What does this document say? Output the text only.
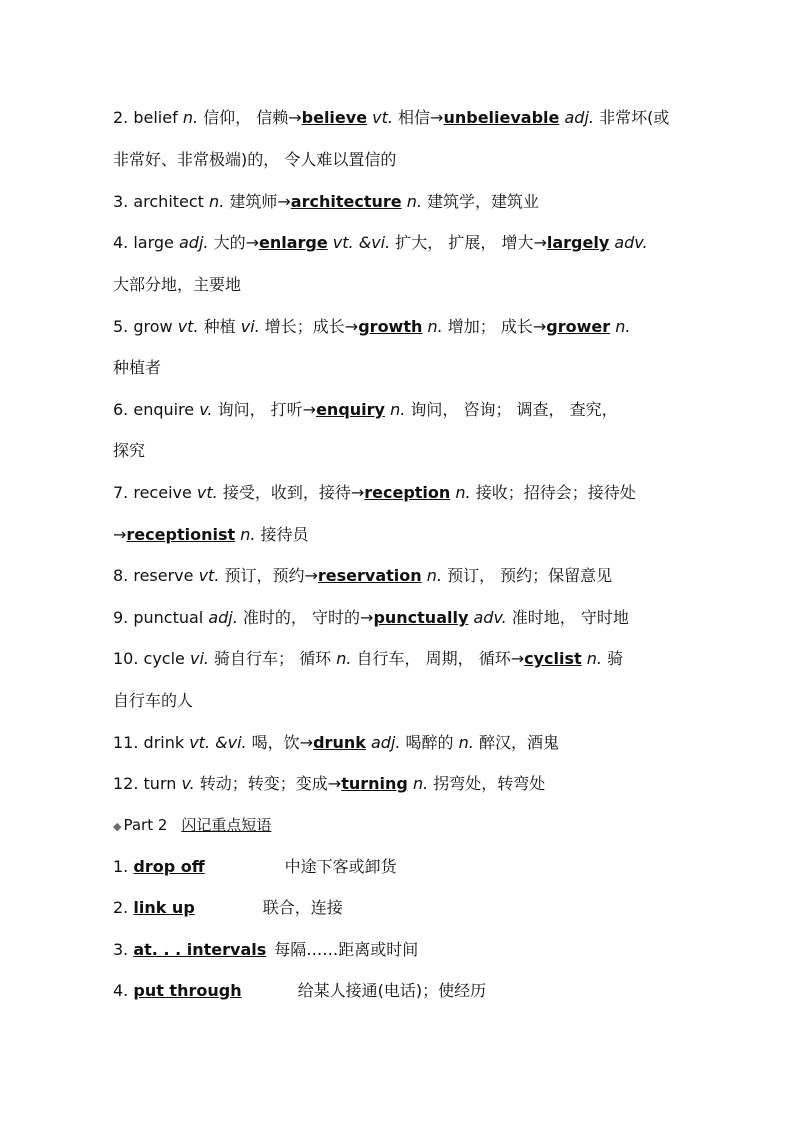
2. belief n. 信仰， 信赖→believe vt. 相信→unbelievable adj. 非常坏(或
非常好、非常极端)的， 令人难以置信的
3. architect n. 建筑师→architecture n. 建筑学，建筑业
4. large adj. 大的→enlarge vt. &vi. 扩大， 扩展， 增大→largely adv.
大部分地，主要地
5. grow vt. 种植 vi. 增长；成长→growth n. 增加； 成长→grower n.
种植者
6. enquire v. 询问， 打听→enquiry n. 询问， 咨询； 调查， 查究，
探究
7. receive vt. 接受，收到，接待→reception n. 接收；招待会；接待处
→receptionist n. 接待员
8. reserve vt. 预订，预约→reservation n. 预订， 预约；保留意见
9. punctual adj. 准时的， 守时的→punctually adv. 准时地， 守时地
10. cycle vi. 骑自行车； 循环 n. 自行车， 周期， 循环→cyclist n. 骑
自行车的人
11. drink vt. &vi. 喝，饮→drunk adj. 喝醉的 n. 醉汉，酒鬼
12. turn v. 转动；转变；变成→turning n. 拐弯处，转弯处
◆ Part 2 闪记重点短语
1. drop off	中途下客或卸货
2. link up	联合，连接
3. at. . . intervals 每隔……距离或时间
4. put through	给某人接通(电话)；使经历
